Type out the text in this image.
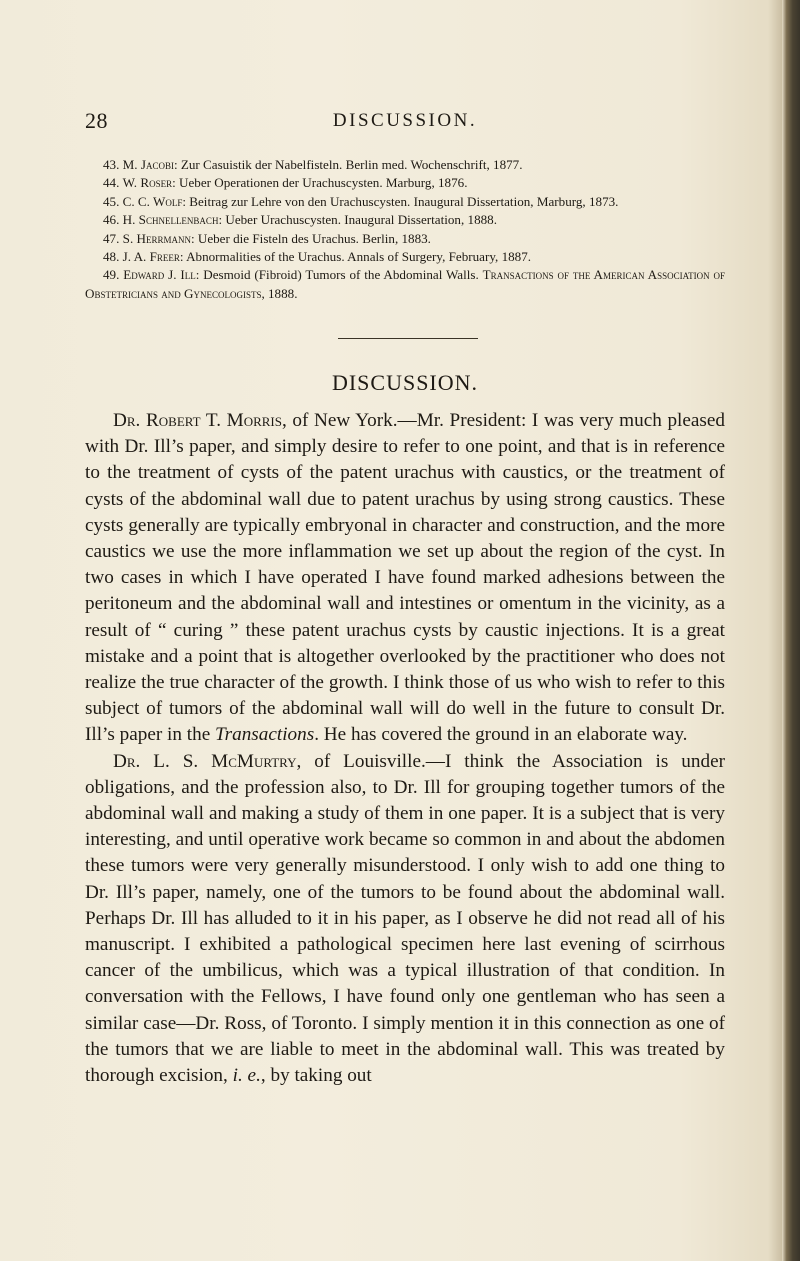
28	DISCUSSION.

43. M. Jacobi: Zur Casuistik der Nabelfisteln. Berlin med. Wochenschrift, 1877.

44. W. Roser: Ueber Operationen der Urachuscysten. Marburg, 1876.

45. C. C. Wolf: Beitrag zur Lehre von den Urachuscysten. Inaugural Dissertation, Marburg, 1873.

46. H. Schnellenbach: Ueber Urachuscysten. Inaugural Dissertation, 1888.

47. S. Herrmann: Ueber die Fisteln des Urachus. Berlin, 1883.

48. J. A. Freer: Abnormalities of the Urachus. Annals of Surgery, February, 1887.

49. Edward J. Ill: Desmoid (Fibroid) Tumors of the Abdominal Walls. Transactions of the American Association of Obstetricians and Gynecologists, 1888.

DISCUSSION.

Dr. Robert T. Morris, of New York.—Mr. President: I was very much pleased with Dr. Ill’s paper, and simply desire to refer to one point, and that is in reference to the treatment of cysts of the patent urachus with caustics, or the treatment of cysts of the abdominal wall due to patent urachus by using strong caustics. These cysts generally are typically embryonal in character and construction, and the more caustics we use the more inflammation we set up about the region of the cyst. In two cases in which I have operated I have found marked adhesions between the peritoneum and the abdominal wall and intestines or omentum in the vicinity, as a result of “ curing ” these patent urachus cysts by caustic injections. It is a great mistake and a point that is altogether overlooked by the practitioner who does not realize the true character of the growth. I think those of us who wish to refer to this subject of tumors of the abdominal wall will do well in the future to consult Dr. Ill’s paper in the Transactions. He has covered the ground in an elaborate way.

Dr. L. S. McMurtry, of Louisville.—I think the Association is under obligations, and the profession also, to Dr. Ill for grouping together tumors of the abdominal wall and making a study of them in one paper. It is a subject that is very interesting, and until operative work became so common in and about the abdomen these tumors were very generally misunderstood. I only wish to add one thing to Dr. Ill’s paper, namely, one of the tumors to be found about the abdominal wall. Perhaps Dr. Ill has alluded to it in his paper, as I observe he did not read all of his manuscript. I exhibited a pathological specimen here last evening of scirrhous cancer of the umbilicus, which was a typical illustration of that condition. In conversation with the Fellows, I have found only one gentleman who has seen a similar case—Dr. Ross, of Toronto. I simply mention it in this connection as one of the tumors that we are liable to meet in the abdominal wall. This was treated by thorough excision, i. e., by taking out
